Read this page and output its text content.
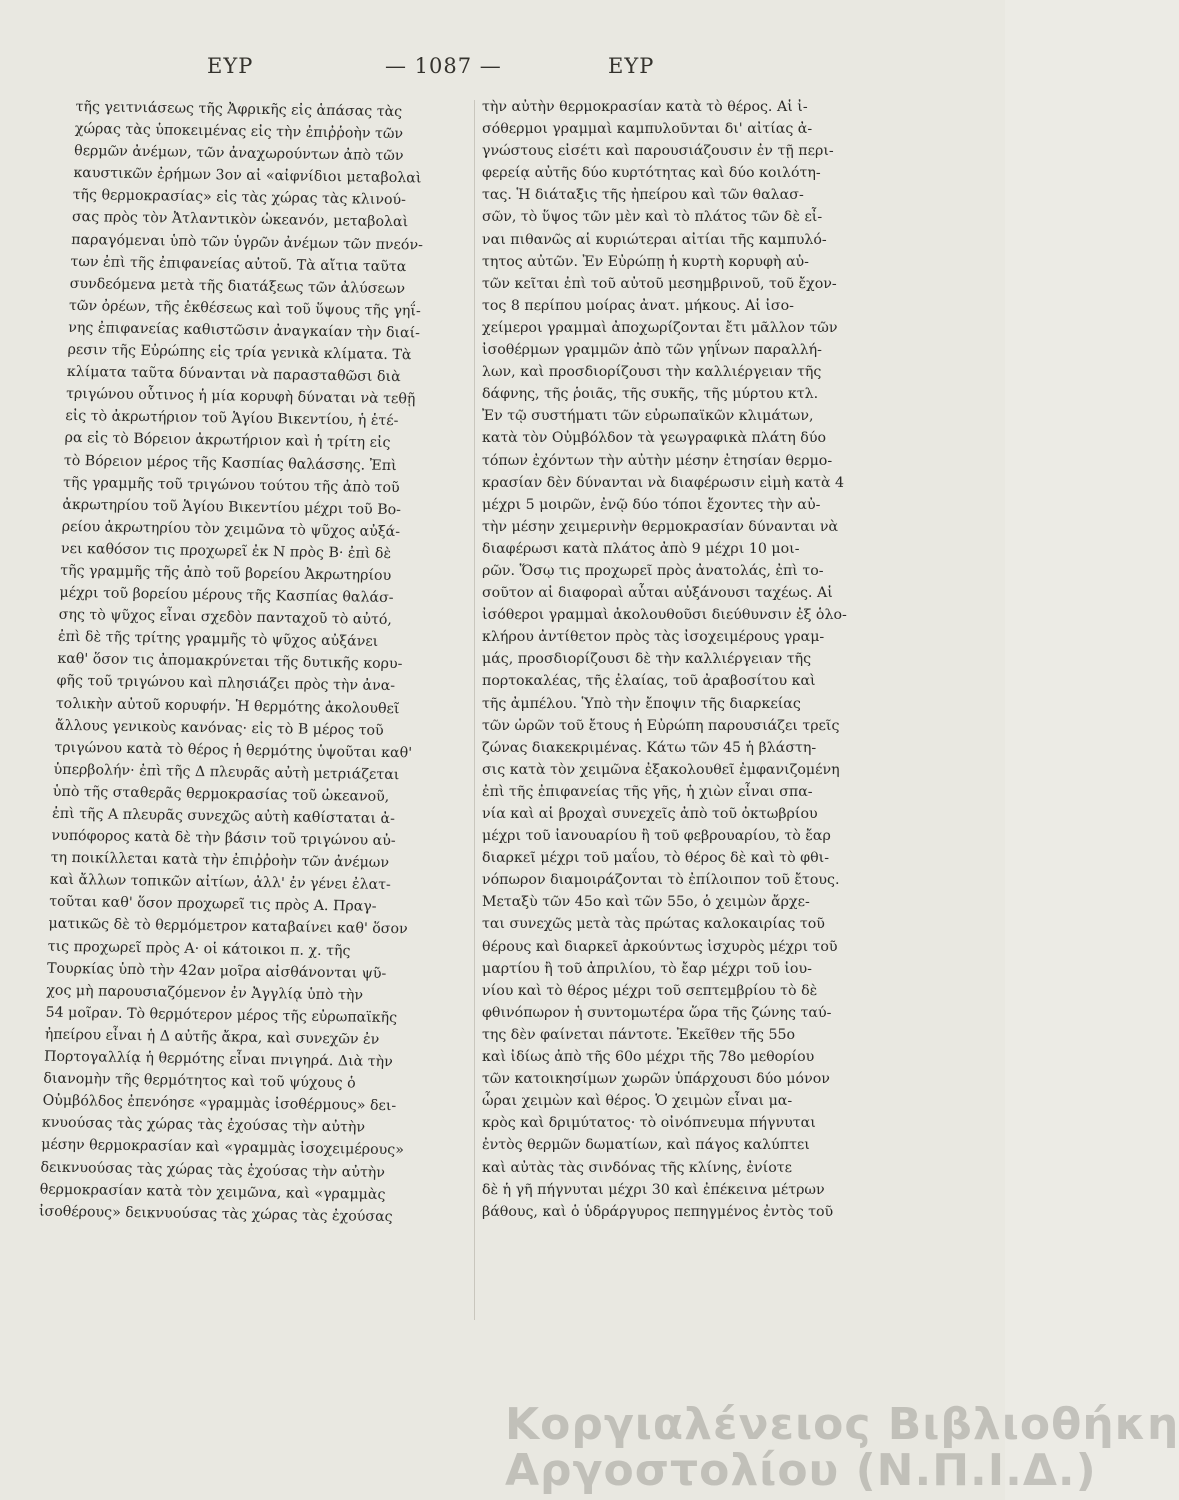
ΕΥΡ	— 1087 —	ΕΥΡ
τῆς γειτνιάσεως τῆς Ἀφρικῆς εἰς ἁπάσας τὰς
χώρας τὰς ὑποκειμένας εἰς τὴν ἐπιῤῥοὴν τῶν
θερμῶν ἀνέμων, τῶν ἀναχωρούντων ἀπὸ τῶν
καυστικῶν ἐρήμων 3ον αἱ «αἰφνίδιοι μεταβολαὶ
τῆς θερμοκρασίας» εἰς τὰς χώρας τὰς κλινού-
σας πρὸς τὸν Ἀτλαντικὸν ὠκεανόν, μεταβολαὶ
παραγόμεναι ὑπὸ τῶν ὑγρῶν ἀνέμων τῶν πνεόν-
των ἐπὶ τῆς ἐπιφανείας αὐτοῦ. Τὰ αἴτια ταῦτα
συνδεόμενα μετὰ τῆς διατάξεως τῶν ἀλύσεων
τῶν ὀρέων, τῆς ἐκθέσεως καὶ τοῦ ὕψους τῆς γηΐ-
νης ἐπιφανείας καθιστῶσιν ἀναγκαίαν τὴν διαί-
ρεσιν τῆς Εὐρώπης εἰς τρία γενικὰ κλίματα. Τὰ
κλίματα ταῦτα δύνανται νὰ παρασταθῶσι διὰ
τριγώνου οὗτινος ἡ μία κορυφὴ δύναται νὰ τεθῇ
εἰς τὸ ἀκρωτήριον τοῦ Ἁγίου Βικεντίου, ἡ ἑτέ-
ρα εἰς τὸ Βόρειον ἀκρωτήριον καὶ ἡ τρίτη εἰς
τὸ Βόρειον μέρος τῆς Κασπίας θαλάσσης. Ἐπὶ
τῆς γραμμῆς τοῦ τριγώνου τούτου τῆς ἀπὸ τοῦ
ἀκρωτηρίου τοῦ Ἁγίου Βικεντίου μέχρι τοῦ Βο-
ρείου ἀκρωτηρίου τὸν χειμῶνα τὸ ψῦχος αὐξά-
νει καθόσον τις προχωρεῖ ἐκ Ν πρὸς Β· ἐπὶ δὲ
τῆς γραμμῆς τῆς ἀπὸ τοῦ βορείου Ἀκρωτηρίου
μέχρι τοῦ βορείου μέρους τῆς Κασπίας θαλάσ-
σης τὸ ψῦχος εἶναι σχεδὸν πανταχοῦ τὸ αὐτό,
ἐπὶ δὲ τῆς τρίτης γραμμῆς τὸ ψῦχος αὐξάνει
καθ' ὅσον τις ἀπομακρύνεται τῆς δυτικῆς κορυ-
φῆς τοῦ τριγώνου καὶ πλησιάζει πρὸς τὴν ἀνα-
τολικὴν αὐτοῦ κορυφήν. Ἡ θερμότης ἀκολουθεῖ
ἄλλους γενικοὺς κανόνας· εἰς τὸ Β μέρος τοῦ
τριγώνου κατὰ τὸ θέρος ἡ θερμότης ὑψοῦται καθ'
ὑπερβολήν· ἐπὶ τῆς Δ πλευρᾶς αὐτὴ μετριάζεται
ὑπὸ τῆς σταθερᾶς θερμοκρασίας τοῦ ὠκεανοῦ,
ἐπὶ τῆς Α πλευρᾶς συνεχῶς αὐτὴ καθίσταται ἀ-
νυπόφορος κατὰ δὲ τὴν βάσιν τοῦ τριγώνου αὐ-
τη ποικίλλεται κατὰ τὴν ἐπιῤῥοὴν τῶν ἀνέμων
καὶ ἄλλων τοπικῶν αἰτίων, ἀλλ' ἐν γένει ἐλατ-
τοῦται καθ' ὅσον προχωρεῖ τις πρὸς Α. Πραγ-
ματικῶς δὲ τὸ θερμόμετρον καταβαίνει καθ' ὅσον
τις προχωρεῖ πρὸς Α· οἱ κάτοικοι π. χ. τῆς
Τουρκίας ὑπὸ τὴν 42αν μοῖρα αἰσθάνονται ψῦ-
χος μὴ παρουσιαζόμενον ἐν Ἀγγλίᾳ ὑπὸ τὴν
54 μοῖραν. Τὸ θερμότερον μέρος τῆς εὐρωπαϊκῆς
ἠπείρου εἶναι ἡ Δ αὐτῆς ἄκρα, καὶ συνεχῶν ἐν
Πορτογαλλίᾳ ἡ θερμότης εἶναι πνιγηρά. Διὰ τὴν
διανομὴν τῆς θερμότητος καὶ τοῦ ψύχους ὁ
Οὐμβόλδος ἐπενόησε «γραμμὰς ἰσοθέρμους» δει-
κνυούσας τὰς χώρας τὰς ἐχούσας τὴν αὐτὴν
μέσην θερμοκρασίαν καὶ «γραμμὰς ἰσοχειμέρους»
δεικνυούσας τὰς χώρας τὰς ἐχούσας τὴν αὐτὴν
θερμοκρασίαν κατὰ τὸν χειμῶνα, καὶ «γραμμὰς
ἰσοθέρους» δεικνυούσας τὰς χώρας τὰς ἐχούσας
τὴν αὐτὴν θερμοκρασίαν κατὰ τὸ θέρος. Αἱ ἰ-
σόθερμοι γραμμαὶ καμπυλοῦνται δι' αἰτίας ἀ-
γνώστους εἰσέτι καὶ παρουσιάζουσιν ἐν τῇ περι-
φερείᾳ αὐτῆς δύο κυρτότητας καὶ δύο κοιλότη-
τας. Ἡ διάταξις τῆς ἠπείρου καὶ τῶν θαλασ-
σῶν, τὸ ὕψος τῶν μὲν καὶ τὸ πλάτος τῶν δὲ εἶ-
ναι πιθανῶς αἱ κυριώτεραι αἰτίαι τῆς καμπυλό-
τητος αὐτῶν. Ἐν Εὐρώπῃ ἡ κυρτὴ κορυφὴ αὐ-
τῶν κεῖται ἐπὶ τοῦ αὐτοῦ μεσημβρινοῦ, τοῦ ἔχον-
τος 8 περίπου μοίρας ἀνατ. μήκους. Αἱ ἰσο-
χείμεροι γραμμαὶ ἀποχωρίζονται ἔτι μᾶλλον τῶν
ἰσοθέρμων γραμμῶν ἀπὸ τῶν γηΐνων παραλλή-
λων, καὶ προσδιορίζουσι τὴν καλλιέργειαν τῆς
δάφνης, τῆς ῥοιᾶς, τῆς συκῆς, τῆς μύρτου κτλ.
Ἐν τῷ συστήματι τῶν εὐρωπαϊκῶν κλιμάτων,
κατὰ τὸν Οὐμβόλδον τὰ γεωγραφικὰ πλάτη δύο
τόπων ἐχόντων τὴν αὐτὴν μέσην ἐτησίαν θερμο-
κρασίαν δὲν δύνανται νὰ διαφέρωσιν εἰμὴ κατὰ 4
μέχρι 5 μοιρῶν, ἐνῷ δύο τόποι ἔχοντες τὴν αὐ-
τὴν μέσην χειμερινὴν θερμοκρασίαν δύνανται νὰ
διαφέρωσι κατὰ πλάτος ἀπὸ 9 μέχρι 10 μοι-
ρῶν. Ὅσῳ τις προχωρεῖ πρὸς ἀνατολάς, ἐπὶ το-
σοῦτον αἱ διαφοραὶ αὗται αὐξάνουσι ταχέως. Αἱ
ἰσόθεροι γραμμαὶ ἀκολουθοῦσι διεύθυνσιν ἐξ ὁλο-
κλήρου ἀντίθετον πρὸς τὰς ἰσοχειμέρους γραμ-
μάς, προσδιορίζουσι δὲ τὴν καλλιέργειαν τῆς
πορτοκαλέας, τῆς ἐλαίας, τοῦ ἀραβοσίτου καὶ
τῆς ἀμπέλου. Ὑπὸ τὴν ἔποψιν τῆς διαρκείας
τῶν ὡρῶν τοῦ ἔτους ἡ Εὐρώπη παρουσιάζει τρεῖς
ζώνας διακεκριμένας. Κάτω τῶν 45 ἡ βλάστη-
σις κατὰ τὸν χειμῶνα ἐξακολουθεῖ ἐμφανιζομένη
ἐπὶ τῆς ἐπιφανείας τῆς γῆς, ἡ χιὼν εἶναι σπα-
νία καὶ αἱ βροχαὶ συνεχεῖς ἀπὸ τοῦ ὀκτωβρίου
μέχρι τοῦ ἰανουαρίου ἢ τοῦ φεβρουαρίου, τὸ ἔαρ
διαρκεῖ μέχρι τοῦ μαΐου, τὸ θέρος δὲ καὶ τὸ φθι-
νόπωρον διαμοιράζονται τὸ ἐπίλοιπον τοῦ ἔτους.
Μεταξὺ τῶν 45ο καὶ τῶν 55ο, ὁ χειμὼν ἄρχε-
ται συνεχῶς μετὰ τὰς πρώτας καλοκαιρίας τοῦ
θέρους καὶ διαρκεῖ ἀρκούντως ἰσχυρὸς μέχρι τοῦ
μαρτίου ἢ τοῦ ἀπριλίου, τὸ ἔαρ μέχρι τοῦ ἰου-
νίου καὶ τὸ θέρος μέχρι τοῦ σεπτεμβρίου τὸ δὲ
φθινόπωρον ἡ συντομωτέρα ὥρα τῆς ζώνης ταύ-
της δὲν φαίνεται πάντοτε. Ἐκεῖθεν τῆς 55ο
καὶ ἰδίως ἀπὸ τῆς 60ο μέχρι τῆς 78ο μεθορίου
τῶν κατοικησίμων χωρῶν ὑπάρχουσι δύο μόνον
ὧραι χειμὼν καὶ θέρος. Ὁ χειμὼν εἶναι μα-
κρὸς καὶ δριμύτατος· τὸ οἰνόπνευμα πήγνυται
ἐντὸς θερμῶν δωματίων, καὶ πάγος καλύπτει
καὶ αὐτὰς τὰς σινδόνας τῆς κλίνης, ἐνίοτε
δὲ ἡ γῆ πήγνυται μέχρι 30 καὶ ἐπέκεινα μέτρων
βάθους, καὶ ὁ ὑδράργυρος πεπηγμένος ἐντὸς τοῦ
Κοργιαλένειος Βιβλιοθήκη
Αργοστολίου (Ν.Π.Ι.Δ.)
